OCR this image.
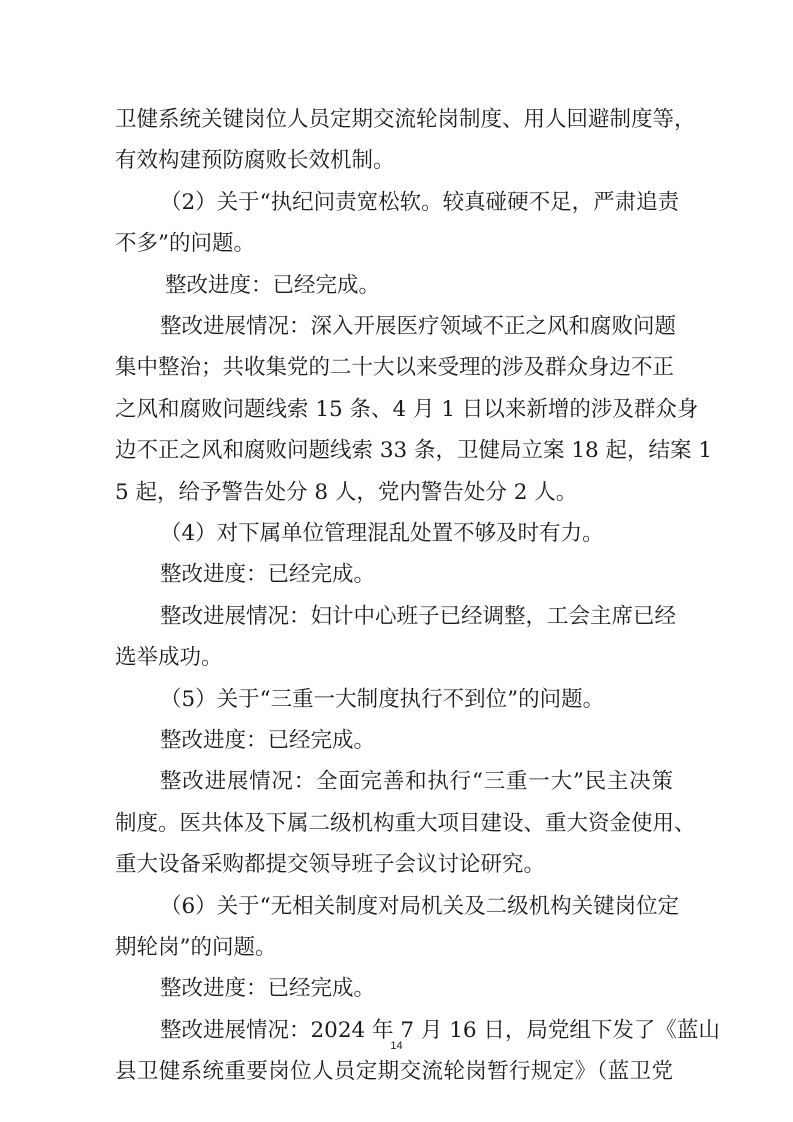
卫健系统关键岗位人员定期交流轮岗制度、用人回避制度等，
有效构建预防腐败长效机制。
（2）关于“执纪问责宽松软。较真碰硬不足，严肃追责
不多”的问题。
整改进度：已经完成。
整改进展情况：深入开展医疗领域不正之风和腐败问题
集中整治；共收集党的二十大以来受理的涉及群众身边不正
之风和腐败问题线索 15 条、4 月 1 日以来新增的涉及群众身
边不正之风和腐败问题线索 33 条，卫健局立案 18 起，结案 1
5 起，给予警告处分 8 人，党内警告处分 2 人。
（4）对下属单位管理混乱处置不够及时有力。
整改进度：已经完成。
整改进展情况：妇计中心班子已经调整，工会主席已经
选举成功。
（5）关于“三重一大制度执行不到位”的问题。
整改进度：已经完成。
整改进展情况：全面完善和执行“三重一大”民主决策
制度。医共体及下属二级机构重大项目建设、重大资金使用、
重大设备采购都提交领导班子会议讨论研究。
（6）关于“无相关制度对局机关及二级机构关键岗位定
期轮岗”的问题。
整改进度：已经完成。
整改进展情况：2024 年 7 月 16 日，局党组下发了《蓝山
县卫健系统重要岗位人员定期交流轮岗暂行规定》（蓝卫党
14
